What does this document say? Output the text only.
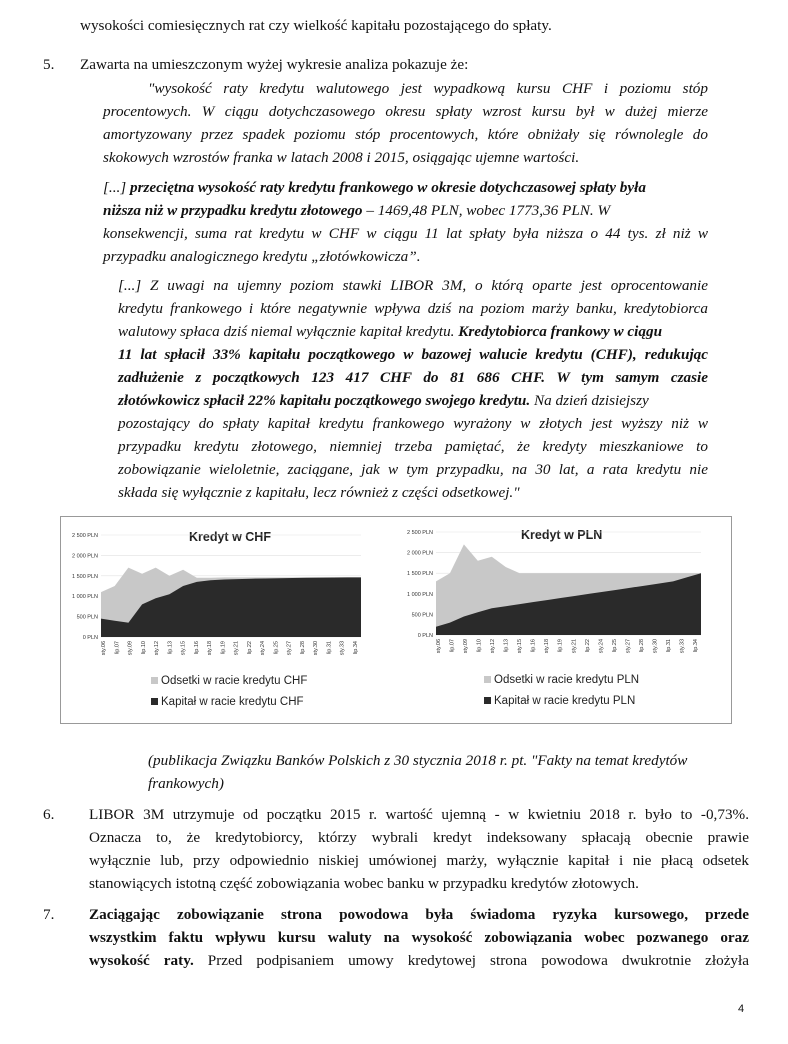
wysokości comiesięcznych rat czy wielkość kapitału pozostającego do spłaty.
5. Zawarta na umieszczonym wyżej wykresie analiza pokazuje że:
"wysokość raty kredytu walutowego jest wypadkową kursu CHF i poziomu stóp
procentowych. W ciągu dotychczasowego okresu spłaty wzrost kursu był w dużej mierze
amortyzowany przez spadek poziomu stóp procentowych, które obniżały się równolegle do
skokowych wzrostów franka w latach 2008 i 2015, osiągając ujemne wartości.
[...] przeciętna wysokość raty kredytu frankowego w okresie dotychczasowej spłaty była
niższa niż w przypadku kredytu złotowego – 1469,48 PLN, wobec 1773,36 PLN. W
konsekwencji, suma rat kredytu w CHF w ciągu 11 lat spłaty była niższa o 44 tys. zł niż w
przypadku analogicznego kredytu „złotówkowicza”.
[...] Z uwagi na ujemny poziom stawki LIBOR 3M, o którą oparte jest oprocentowanie
kredytu frankowego i które negatywnie wpływa dziś na poziom marży banku, kredytobiorca
walutowy spłaca dziś niemal wyłącznie kapitał kredytu. Kredytobiorca frankowy w ciągu
11 lat spłacił 33% kapitału początkowego w bazowej walucie kredytu (CHF), redukując
zadłużenie z początkowych 123 417 CHF do 81 686 CHF. W tym samym czasie
złotówkowicz spłacił 22% kapitału początkowego swojego kredytu. Na dzień dzisiejszy
pozostający do spłaty kapitał kredytu frankowego wyrażony w złotych jest wyższy niż w
przypadku kredytu złotowego, niemniej trzeba pamiętać, że kredyty mieszkaniowe to
zobowiązanie wieloletnie, zaciągane, jak w tym przypadku, na 30 lat, a rata kredytu nie
składa się wyłącznie z kapitału, lecz również z części odsetkowej."
Kredyt w CHF
0 PLN
500 PLN
1 000 PLN
1 500 PLN
2 000 PLN
2 500 PLN
sty.06 lip.07 sty.09 lip.10 sty.12 lip.13 sty.15 lip.16 sty.18 lip.19 sty.21 lip.22 sty.24 lip.25 sty.27 lip.28 sty.30 lip.31 sty.33 lip.34
Odsetki w racie kredytu CHF
Kapitał w racie kredytu CHF
Kredyt w PLN
0 PLN
500 PLN
1 000 PLN
1 500 PLN
2 000 PLN
2 500 PLN
sty.06 lip.07 sty.09 lip.10 sty.12 lip.13 sty.15 lip.16 sty.18 lip.19 sty.21 lip.22 sty.24 lip.25 sty.27 lip.28 sty.30 lip.31 sty.33 lip.34
Odsetki w racie kredytu PLN
Kapitał w racie kredytu PLN
(publikacja Związku Banków Polskich z 30 stycznia 2018 r. pt. "Fakty na temat kredytów
frankowych)
6. LIBOR 3M utrzymuje od początku 2015 r. wartość ujemną - w kwietniu 2018 r. było to -0,73%.
Oznacza to, że kredytobiorcy, którzy wybrali kredyt indeksowany spłacają obecnie prawie
wyłącznie lub, przy odpowiednio niskiej umówionej marży, wyłącznie kapitał i nie płacą odsetek
stanowiących istotną część zobowiązania wobec banku w przypadku kredytów złotowych.
7. Zaciągając zobowiązanie strona powodowa była świadoma ryzyka kursowego, przede
wszystkim faktu wpływu kursu waluty na wysokość zobowiązania wobec pozwanego oraz
wysokość raty. Przed podpisaniem umowy kredytowej strona powodowa dwukrotnie złożyła
4
